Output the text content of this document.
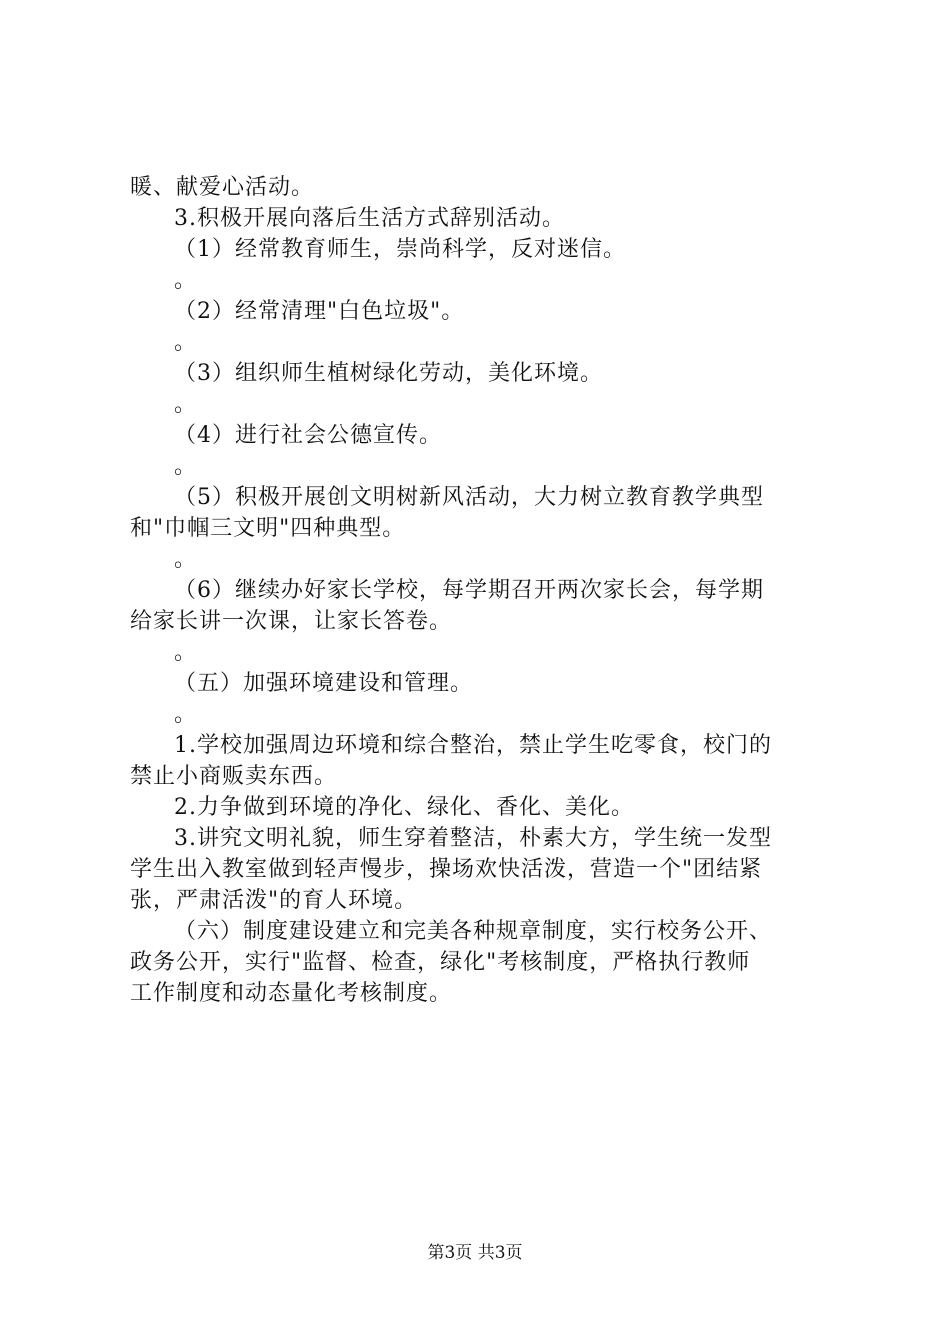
暖、献爱心活动。
3.积极开展向落后生活方式辞别活动。
（1）经常教育师生，崇尚科学，反对迷信。
。
（2）经常清理"白色垃圾"。
。
（3）组织师生植树绿化劳动，美化环境。
。
（4）进行社会公德宣传。
。
（5）积极开展创文明树新风活动，大力树立教育教学典型
和"巾帼三文明"四种典型。
。
（6）继续办好家长学校，每学期召开两次家长会，每学期
给家长讲一次课，让家长答卷。
。
（五）加强环境建设和管理。
。
1.学校加强周边环境和综合整治，禁止学生吃零食，校门的
禁止小商贩卖东西。
2.力争做到环境的净化、绿化、香化、美化。
3.讲究文明礼貌，师生穿着整洁，朴素大方，学生统一发型
学生出入教室做到轻声慢步，操场欢快活泼，营造一个"团结紧
张，严肃活泼"的育人环境。
（六）制度建设建立和完美各种规章制度，实行校务公开、
政务公开，实行"监督、检查，绿化"考核制度，严格执行教师
工作制度和动态量化考核制度。
第3页 共3页
